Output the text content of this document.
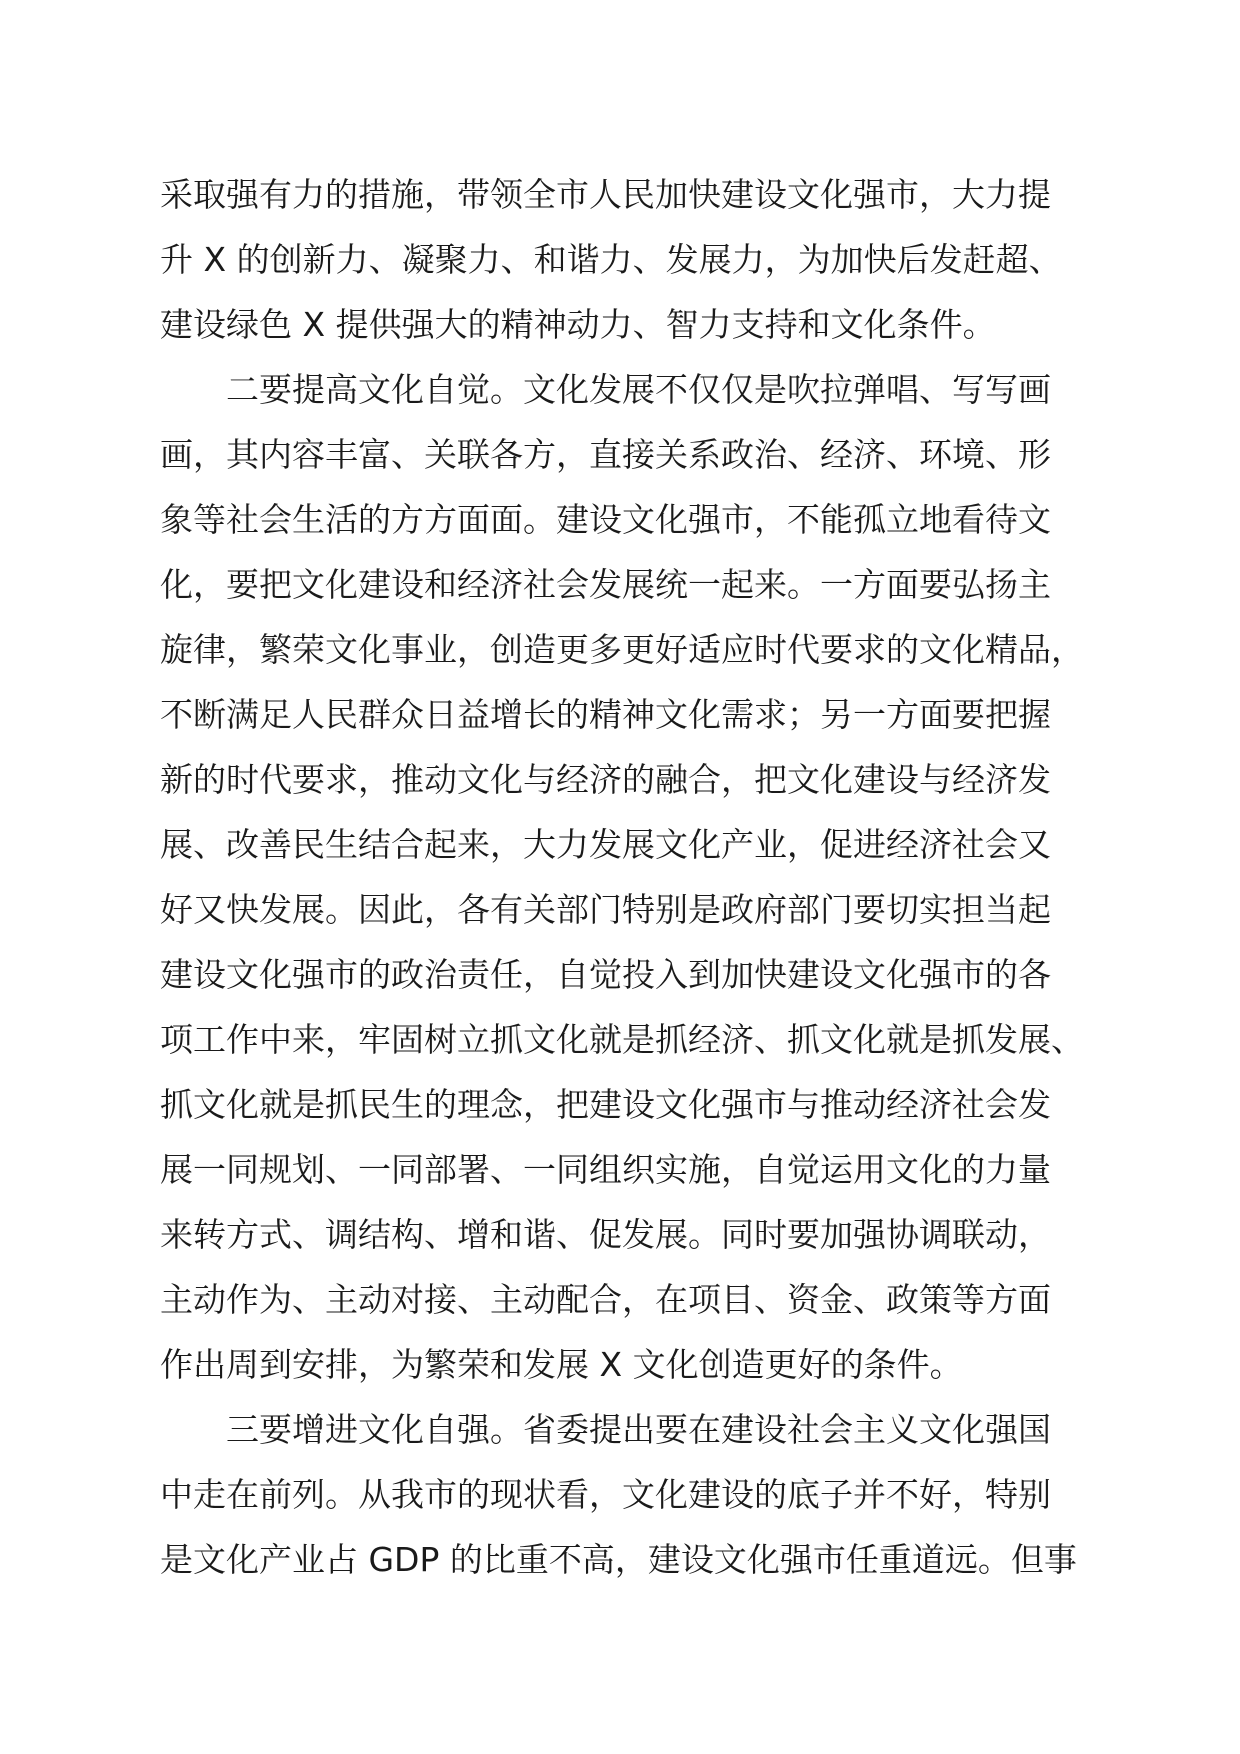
采取强有力的措施，带领全市人民加快建设文化强市，大力提
升 X 的创新力、凝聚力、和谐力、发展力，为加快后发赶超、
建设绿色 X 提供强大的精神动力、智力支持和文化条件。
二要提高文化自觉。文化发展不仅仅是吹拉弹唱、写写画
画，其内容丰富、关联各方，直接关系政治、经济、环境、形
象等社会生活的方方面面。建设文化强市，不能孤立地看待文
化，要把文化建设和经济社会发展统一起来。一方面要弘扬主
旋律，繁荣文化事业，创造更多更好适应时代要求的文化精品，
不断满足人民群众日益增长的精神文化需求；另一方面要把握
新的时代要求，推动文化与经济的融合，把文化建设与经济发
展、改善民生结合起来，大力发展文化产业，促进经济社会又
好又快发展。因此，各有关部门特别是政府部门要切实担当起
建设文化强市的政治责任，自觉投入到加快建设文化强市的各
项工作中来，牢固树立抓文化就是抓经济、抓文化就是抓发展、
抓文化就是抓民生的理念，把建设文化强市与推动经济社会发
展一同规划、一同部署、一同组织实施，自觉运用文化的力量
来转方式、调结构、增和谐、促发展。同时要加强协调联动，
主动作为、主动对接、主动配合，在项目、资金、政策等方面
作出周到安排，为繁荣和发展 X 文化创造更好的条件。
三要增进文化自强。省委提出要在建设社会主义文化强国
中走在前列。从我市的现状看，文化建设的底子并不好，特别
是文化产业占 GDP 的比重不高，建设文化强市任重道远。但事
